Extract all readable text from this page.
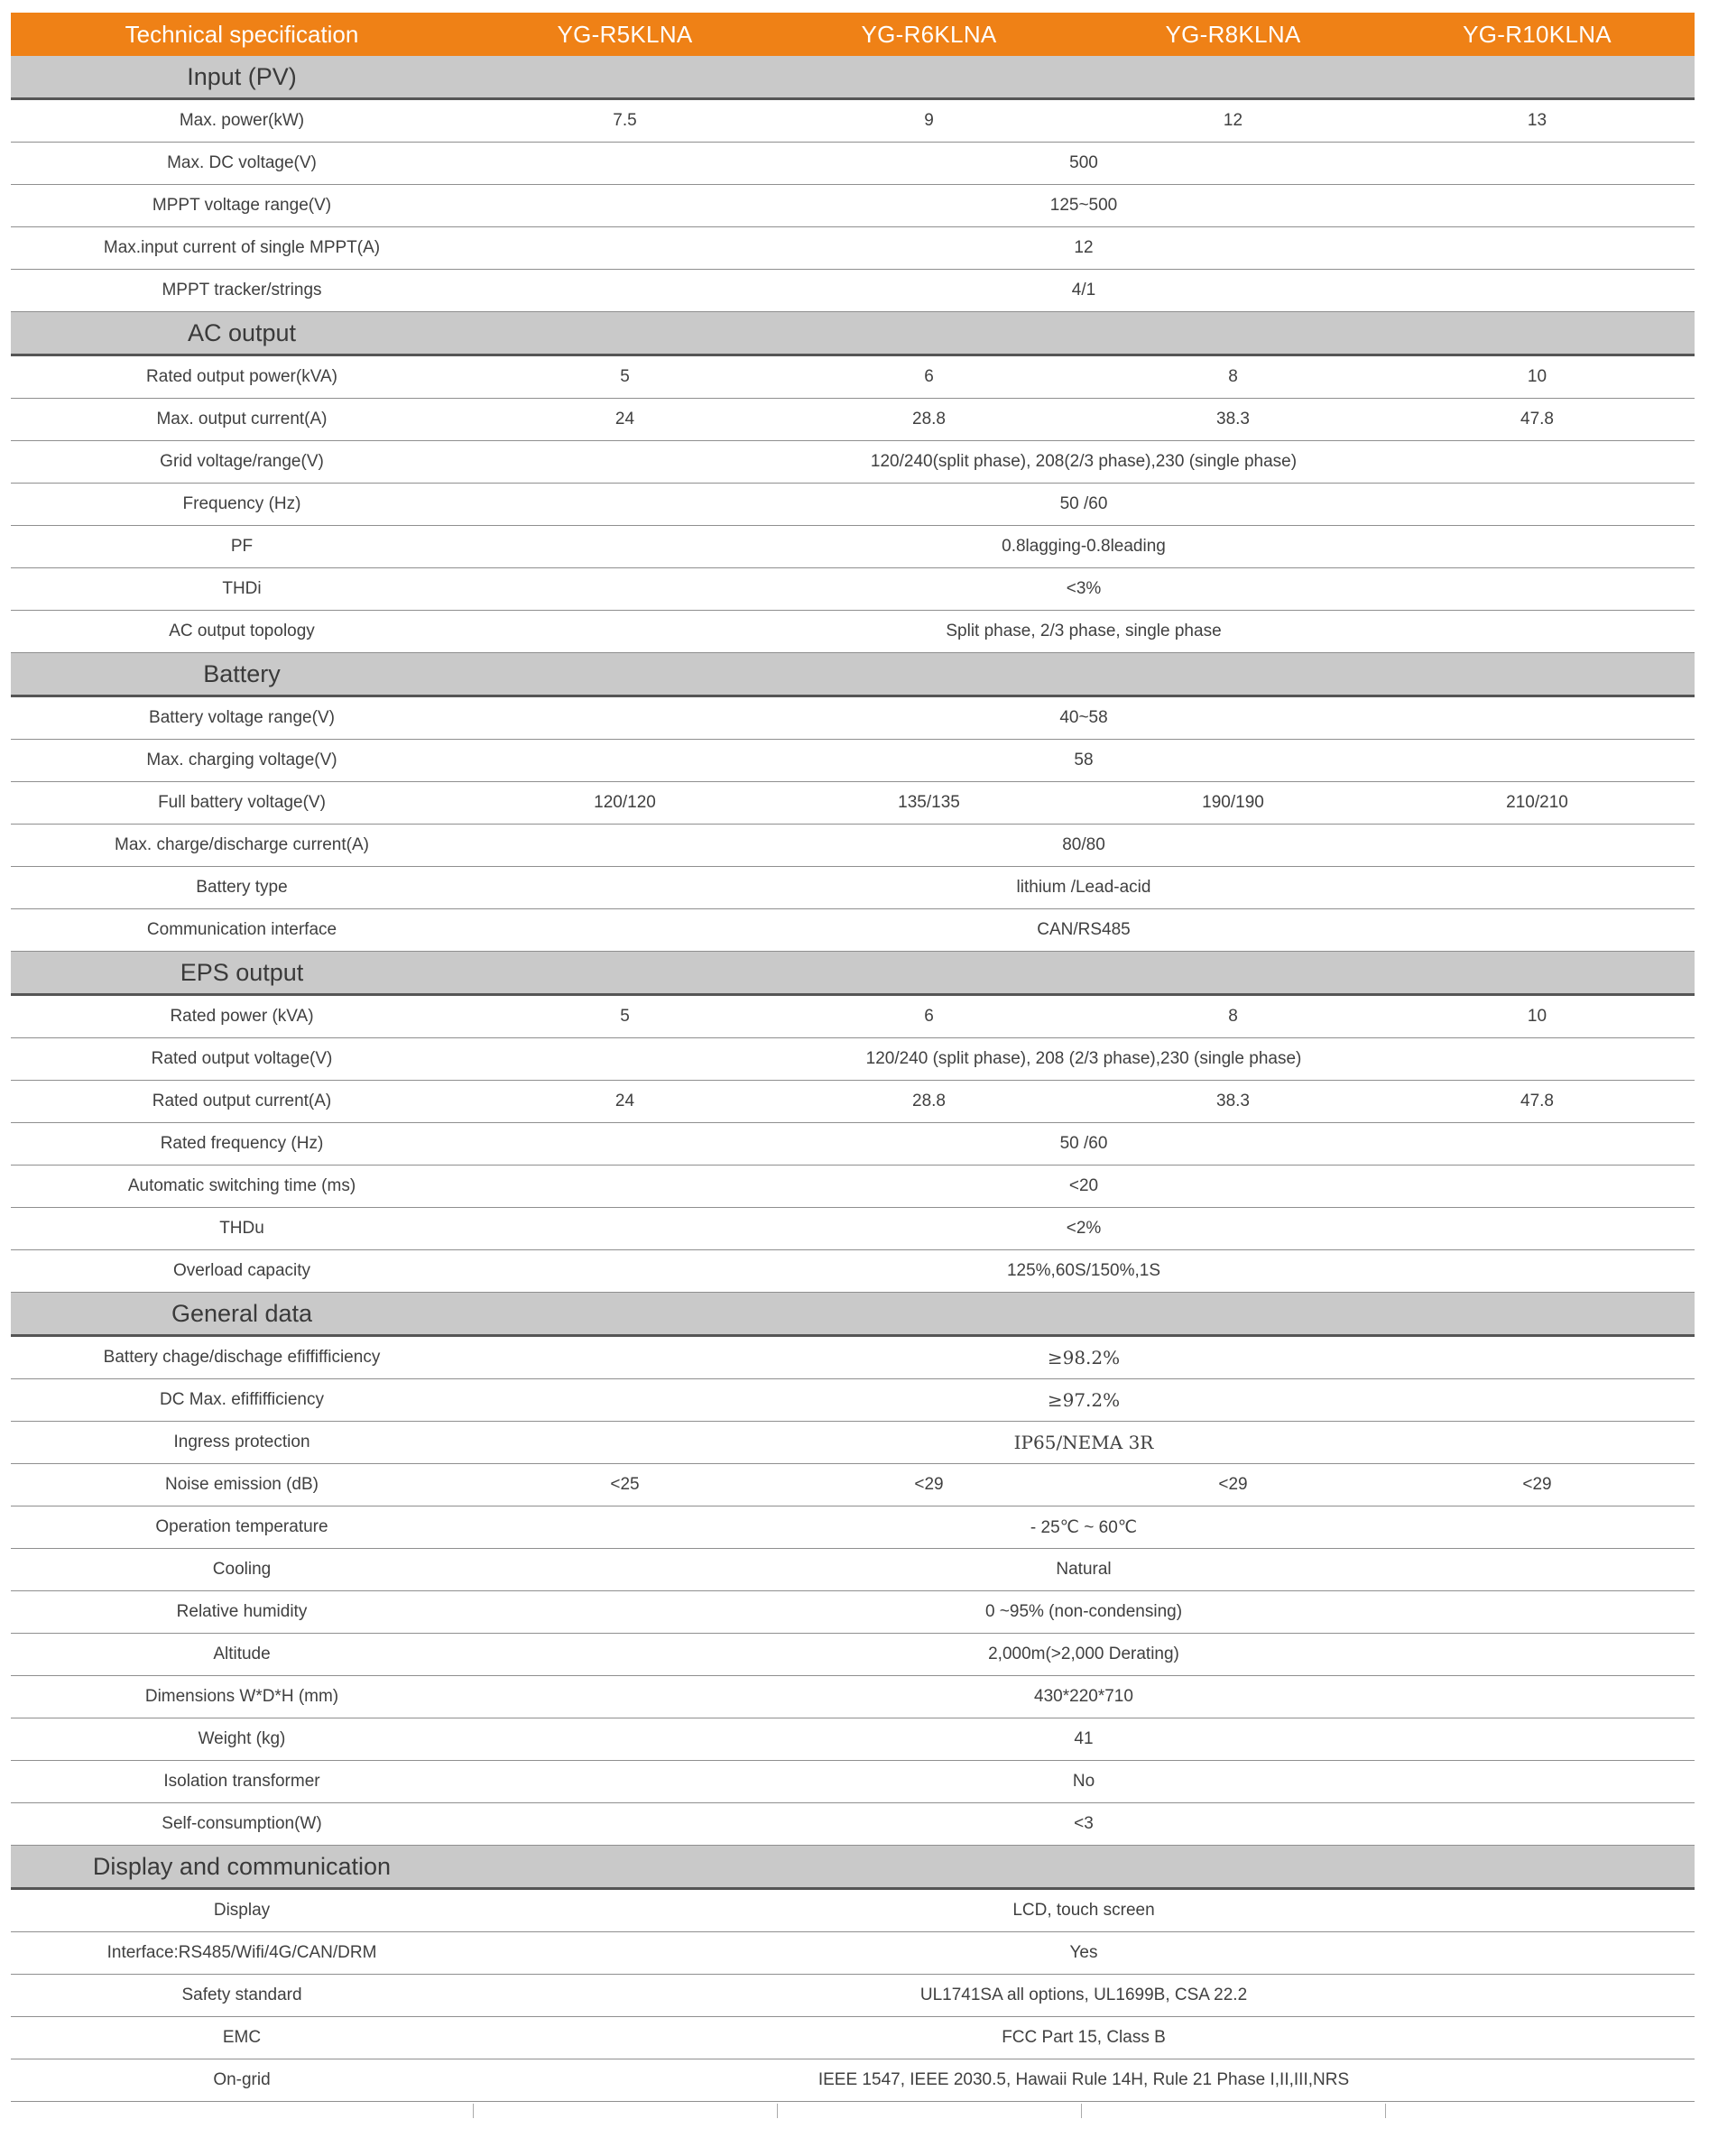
Technical specification	YG-R5KLNA	YG-R6KLNA	YG-R8KLNA	YG-R10KLNA
Input (PV)
Max. power(kW)	7.5	9	12	13
Max. DC voltage(V)	500
MPPT voltage range(V)	125~500
Max.input current of single MPPT(A)	12
MPPT tracker/strings	4/1
AC output
Rated output power(kVA)	5	6	8	10
Max. output current(A)	24	28.8	38.3	47.8
Grid voltage/range(V)	120/240(split phase), 208(2/3 phase),230 (single phase)
Frequency (Hz)	50 /60
PF	0.8lagging-0.8leading
THDi	<3%
AC output topology	Split phase, 2/3 phase, single phase
Battery
Battery voltage range(V)	40~58
Max. charging voltage(V)	58
Full battery voltage(V)	120/120	135/135	190/190	210/210
Max. charge/discharge current(A)	80/80
Battery type	lithium /Lead-acid
Communication interface	CAN/RS485
EPS output
Rated power (kVA)	5	6	8	10
Rated output voltage(V)	120/240 (split phase), 208 (2/3 phase),230 (single phase)
Rated output current(A)	24	28.8	38.3	47.8
Rated frequency (Hz)	50 /60
Automatic switching time (ms)	<20
THDu	<2%
Overload capacity	125%,60S/150%,1S
General data
Battery chage/dischage efiffifficiency	≥98.2%
DC Max. efiffifficiency	≥97.2%
Ingress protection	IP65/NEMA 3R
Noise emission (dB)	<25	<29	<29	<29
Operation temperature	- 25℃ ~ 60℃
Cooling	Natural
Relative humidity	0 ~95% (non-condensing)
Altitude	2,000m(>2,000 Derating)
Dimensions W*D*H (mm)	430*220*710
Weight (kg)	41
Isolation transformer	No
Self-consumption(W)	<3
Display and communication
Display	LCD, touch screen
Interface:RS485/Wifi/4G/CAN/DRM	Yes
Safety standard	UL1741SA all options, UL1699B, CSA 22.2
EMC	FCC Part 15, Class B
On-grid	IEEE 1547, IEEE 2030.5, Hawaii Rule 14H, Rule 21 Phase I,II,III,NRS
